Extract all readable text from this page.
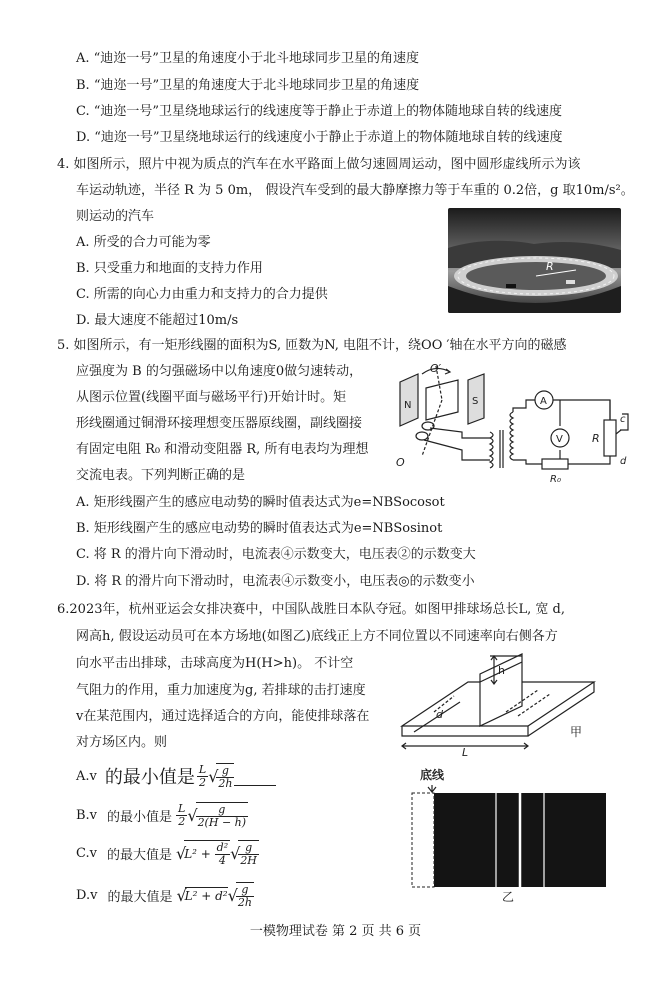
A. “迪迩一号”卫星的角速度小于北斗地球同步卫星的角速度
B. “迪迩一号”卫星的角速度大于北斗地球同步卫星的角速度
C. “迪迩一号”卫星绕地球运行的线速度等于静止于赤道上的物体随地球自转的线速度
D. “迪迩一号”卫星绕地球运行的线速度小于静止于赤道上的物体随地球自转的线速度
4. 如图所示，照片中视为质点的汽车在水平路面上做匀速圆周运动，图中圆形虚线所示为该
车运动轨迹，半径 R 为 5 0m， 假设汽车受到的最大静摩擦力等于车重的 0.2倍，g 取10m/s²。
则运动的汽车
A. 所受的合力可能为零
B. 只受重力和地面的支持力作用
C. 所需的向心力由重力和支持力的合力提供
D. 最大速度不能超过10m/s
R
5. 如图所示，有一矩形线圈的面积为S, 匝数为N, 电阻不计，绕OO ′轴在水平方向的磁感
应强度为 B 的匀强磁场中以角速度0做匀速转动，
从图示位置(线圈平面与磁场平行)开始计时。矩
形线圈通过铜滑环接理想变压器原线圈，副线圈接
有固定电阻 R₀ 和滑动变阻器 R, 所有电表均为理想
交流电表。下列判断正确的是
A. 矩形线圈产生的感应电动势的瞬时值表达式为e=NBSocosot
B. 矩形线圈产生的感应电动势的瞬时值表达式为e=NBSosinot
C. 将 R 的滑片向下滑动时，电流表④示数变大，电压表②的示数变大
D. 将 R 的滑片向下滑动时，电流表④示数变小，电压表◎的示数变小
O′
O
N	S	A
V	R
R₀
c
d
6.2023年，杭州亚运会女排决赛中，中国队战胜日本队夺冠。如图甲排球场总长L, 宽 d,
网高h, 假设运动员可在本方场地(如图乙)底线正上方不同位置以不同速率向右侧各方
向水平击出排球，击球高度为H(H>h)。 不计空
气阻力的作用，重力加速度为g, 若排球的击打速度
v在某范围内，通过选择适合的方向，能使排球落在
对方场区内。则
A.v 的最小值是 $\frac{L}{2}$ √
$\frac{g}{2h}$
B.v 的最小值是 $\frac{L}{2}$ √
$\frac{g}{2(H - h)}$
C.v 的最大值是 √
$L^2 + \frac{\text{d²}}{4}$ √
$\frac{g}{2H}$
D.v 的最大值是 √
L² + d² √
$\frac{g}{2h}$
h
d
L
甲
底线
乙
一模物理试卷 第 2 页 共 6 页
